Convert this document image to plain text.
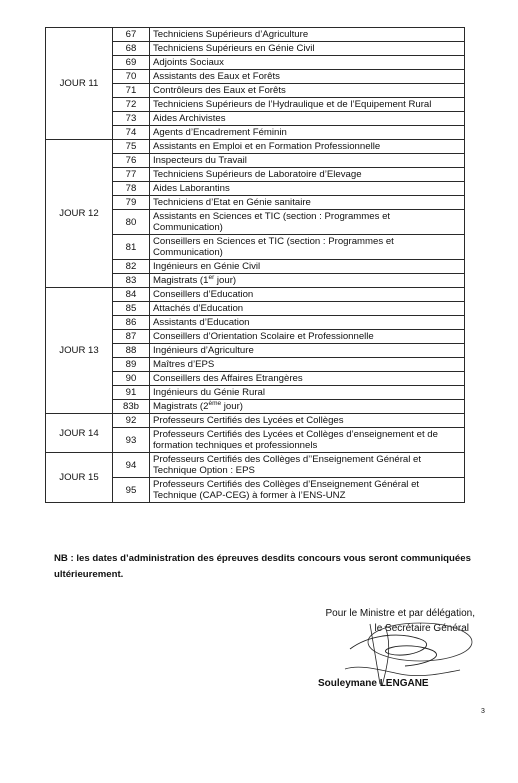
JOUR 11	67	Techniciens Supérieurs d’Agriculture
	68	Techniciens Supérieurs en Génie Civil
	69	Adjoints Sociaux
	70	Assistants des Eaux et Forêts
	71	Contrôleurs des Eaux et Forêts
	72	Techniciens Supérieurs de l’Hydraulique et de l’Equipement Rural
	73	Aides Archivistes
	74	Agents d’Encadrement Féminin
JOUR 12	75	Assistants en Emploi et en Formation Professionnelle
	76	Inspecteurs du Travail
	77	Techniciens Supérieurs de Laboratoire d’Elevage
	78	Aides Laborantins
	79	Techniciens d’Etat en Génie sanitaire
	80	Assistants en Sciences et TIC (section : Programmes et Communication)
	81	Conseillers en Sciences et TIC (section : Programmes et Communication)
	82	Ingénieurs en Génie Civil
	83	Magistrats (1er jour)
JOUR 13	84	Conseillers d’Education
	85	Attachés d’Education
	86	Assistants d’Education
	87	Conseillers d’Orientation Scolaire et Professionnelle
	88	Ingénieurs d’Agriculture
	89	Maîtres d’EPS
	90	Conseillers des Affaires Etrangères
	91	Ingénieurs du Génie Rural
	83b	Magistrats (2ème jour)
JOUR 14	92	Professeurs Certifiés des Lycées et Collèges
	93	Professeurs Certifiés des Lycées et Collèges d’enseignement et de formation techniques et professionnels
JOUR 15	94	Professeurs Certifiés des Collèges d’’Enseignement Général et Technique Option : EPS
	95	Professeurs Certifiés des Collèges d’Enseignement Général et Technique (CAP-CEG) à former à l’ENS-UNZ
NB : les dates d’administration des épreuves desdits concours vous seront communiquées ultérieurement.
Pour le Ministre et par délégation,
le Secrétaire Général
Souleymane LENGANE
3
